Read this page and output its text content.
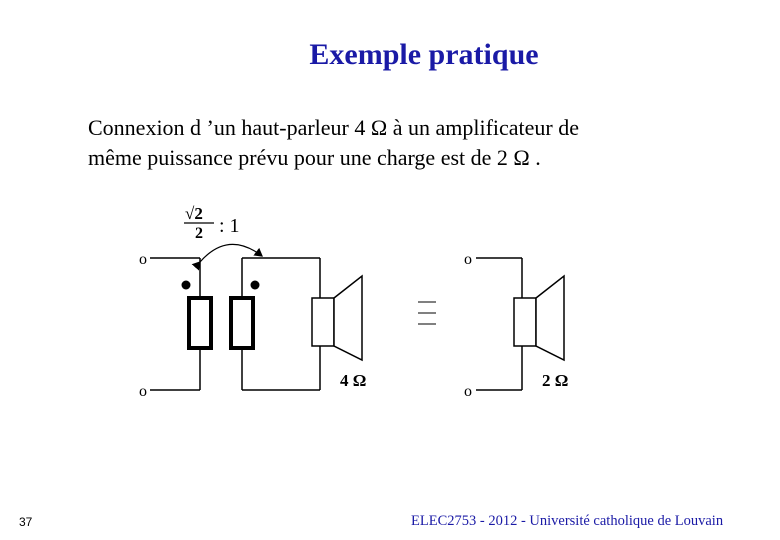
Exemple pratique
Connexion d ’un haut-parleur 4 Ω à un amplificateur de
même puissance prévu pour une charge est de 2 Ω .
√2
2 : 1
o
o
4 Ω
o
o
2 Ω
37	ELEC2753 - 2012 - Université catholique de Louvain
